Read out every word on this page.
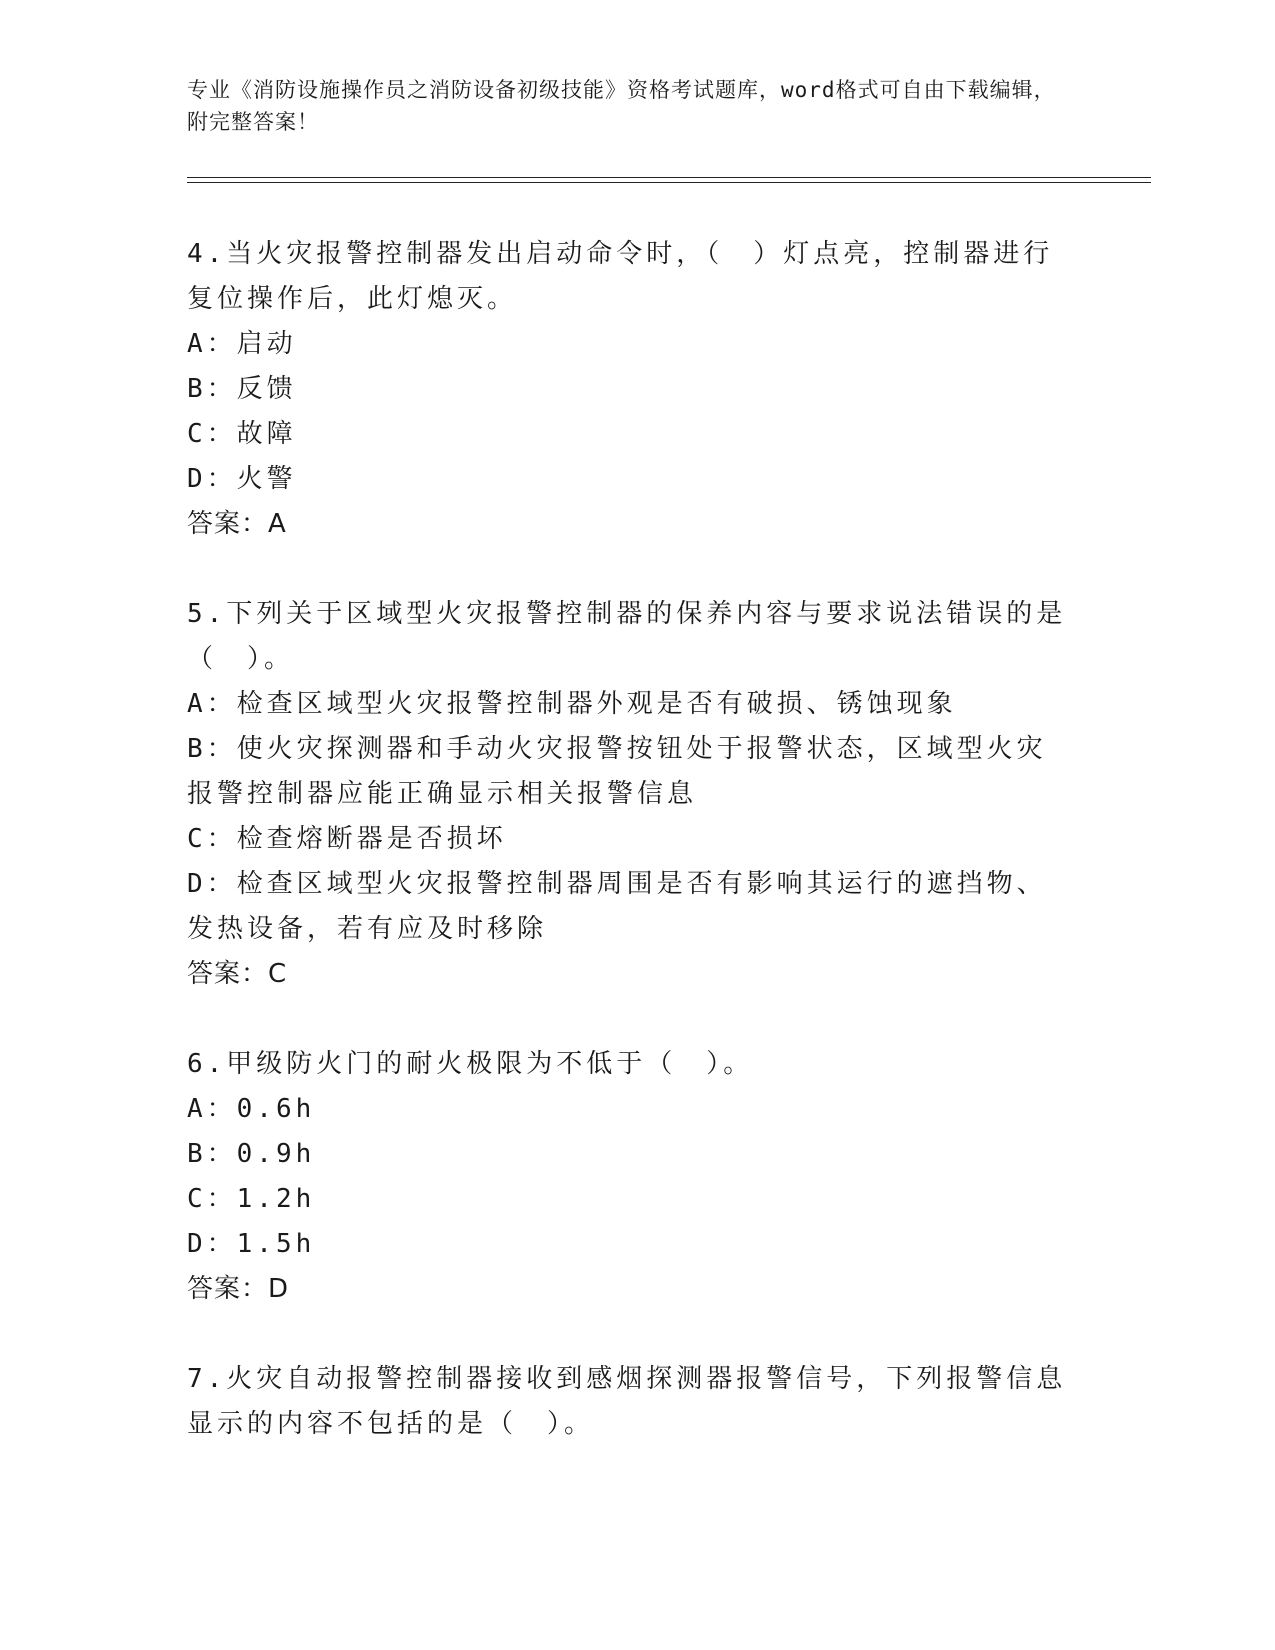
专业《消防设施操作员之消防设备初级技能》资格考试题库，word格式可自由下载编辑，附完整答案！
4.当火灾报警控制器发出启动命令时，（　）灯点亮，控制器进行复位操作后，此灯熄灭。
A：启动
B：反馈
C：故障
D：火警
答案：A
5.下列关于区域型火灾报警控制器的保养内容与要求说法错误的是（　）。
A：检查区域型火灾报警控制器外观是否有破损、锈蚀现象
B：使火灾探测器和手动火灾报警按钮处于报警状态，区域型火灾报警控制器应能正确显示相关报警信息
C：检查熔断器是否损坏
D：检查区域型火灾报警控制器周围是否有影响其运行的遮挡物、发热设备，若有应及时移除
答案：C
6.甲级防火门的耐火极限为不低于（　）。
A：0.6h
B：0.9h
C：1.2h
D：1.5h
答案：D
7.火灾自动报警控制器接收到感烟探测器报警信号，下列报警信息显示的内容不包括的是（　）。
